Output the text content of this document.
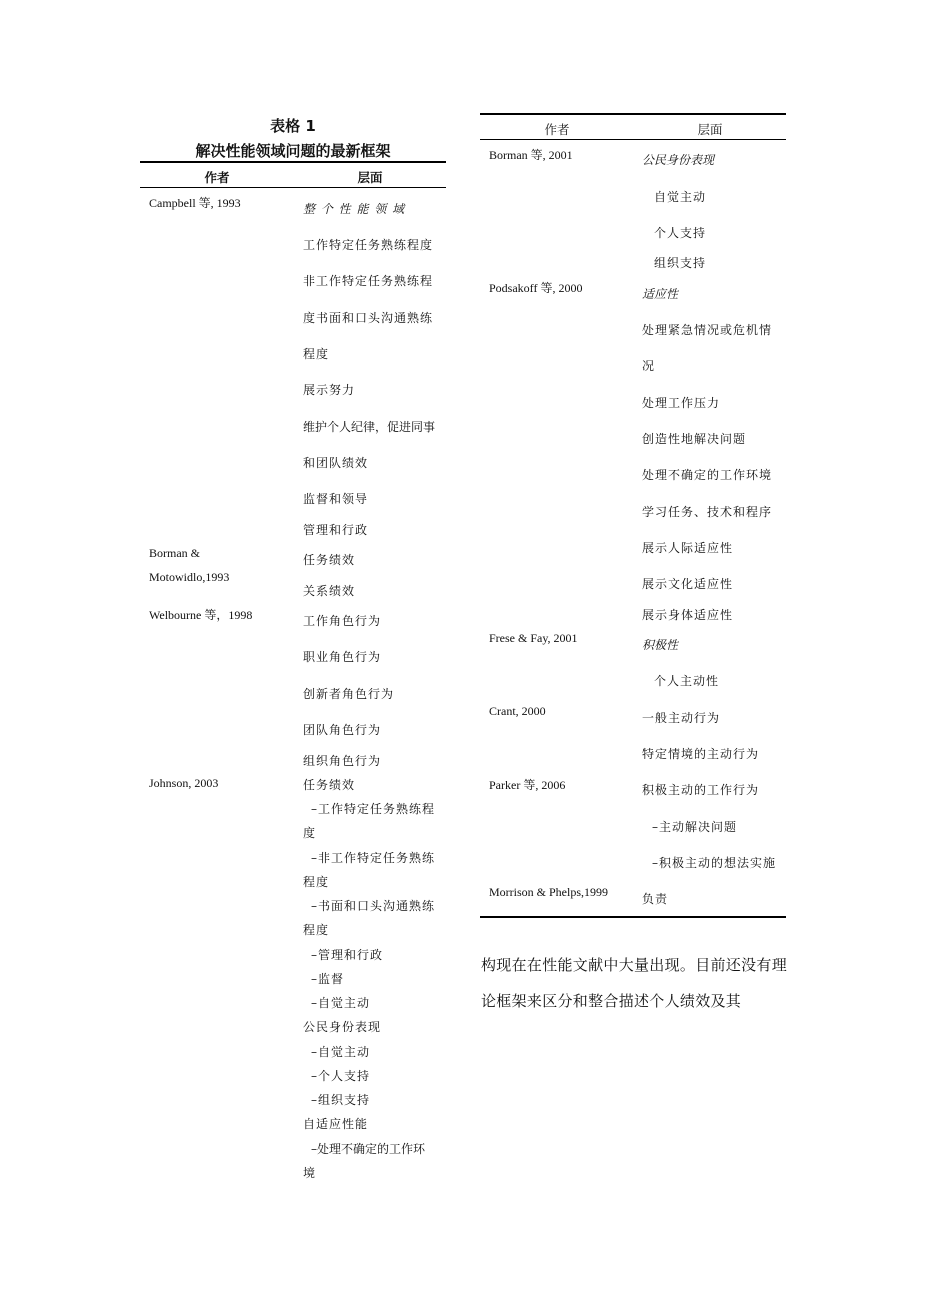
表格 1
解决性能领域问题的最新框架
作者	层面
Campbell 等, 1993
Borman &
Motowidlo,1993
Welbourne 等，1998
Johnson, 2003
整 个 性 能 领 域
工作特定任务熟练程度
非工作特定任务熟练程
度书面和口头沟通熟练
程度
展示努力
维护个人纪律，促进同事
和团队绩效
监督和领导
管理和行政
任务绩效
关系绩效
工作角色行为
职业角色行为
创新者角色行为
团队角色行为
组织角色行为
任务绩效
–工作特定任务熟练程
度
–非工作特定任务熟练
程度
–书面和口头沟通熟练
程度
–管理和行政
–监督
–自觉主动
公民身份表现
–自觉主动
–个人支持
–组织支持
自适应性能
–处理不确定的工作环
境
作者	层面
Borman 等, 2001
Podsakoff 等, 2000
Frese & Fay, 2001
Crant, 2000
Parker 等, 2006
Morrison & Phelps,1999
公民身份表现
自觉主动
个人支持
组织支持
适应性
处理紧急情况或危机情
况
处理工作压力
创造性地解决问题
处理不确定的工作环境
学习任务、技术和程序
展示人际适应性
展示文化适应性
展示身体适应性
积极性
个人主动性
一般主动行为
特定情境的主动行为
积极主动的工作行为
–主动解决问题
–积极主动的想法实施
负责
构现在在性能文献中大量出现。目前还没有理
论框架来区分和整合描述个人绩效及其
